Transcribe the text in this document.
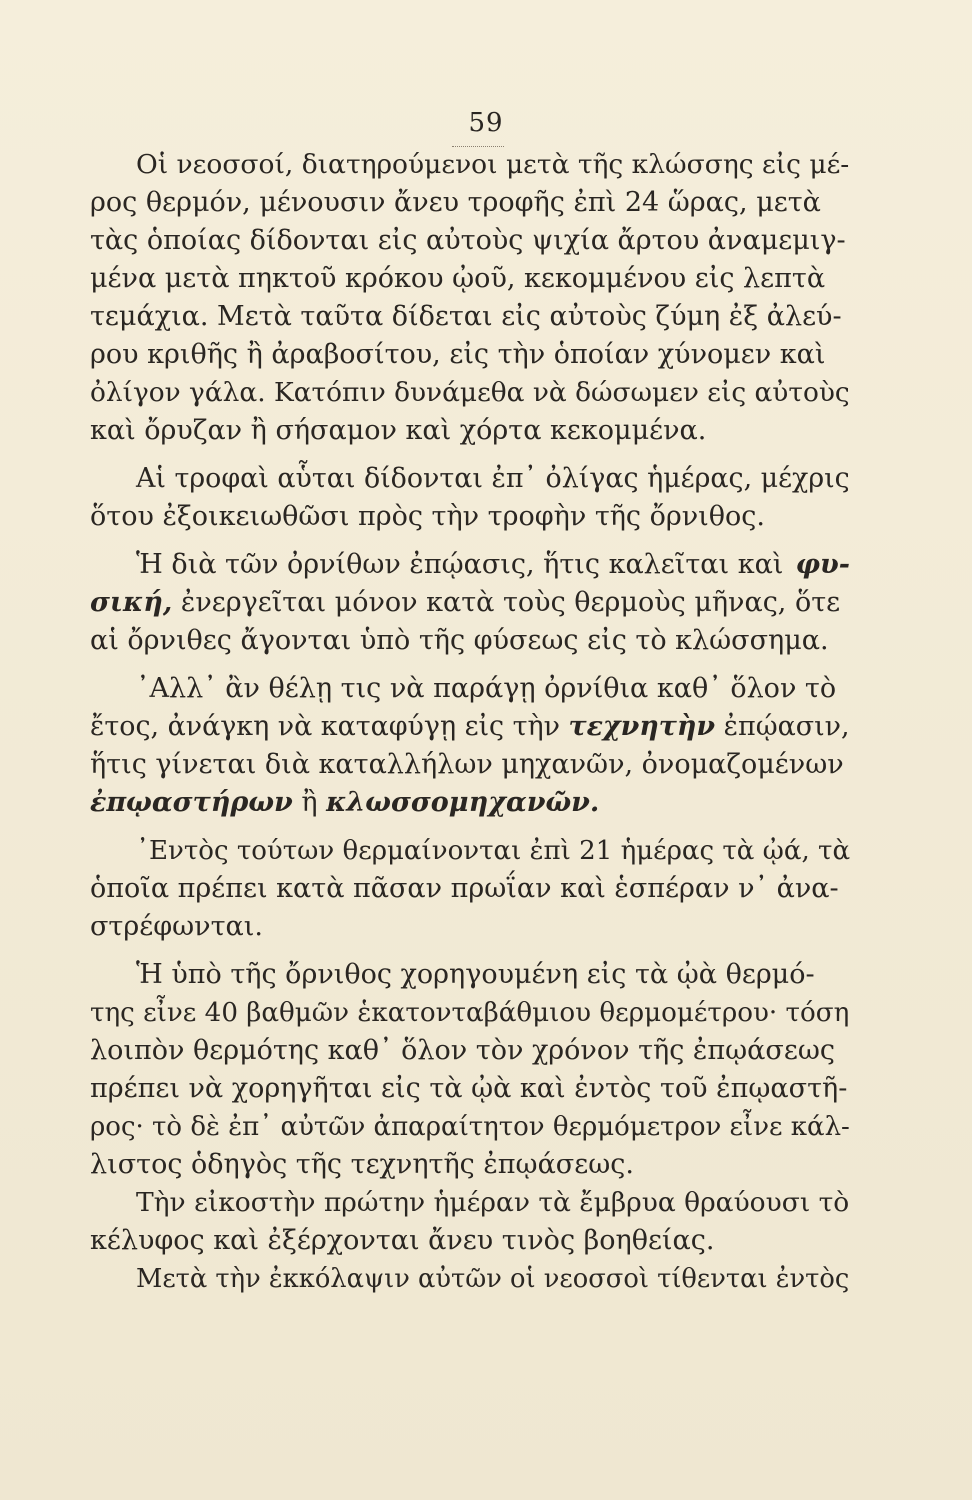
59
Οἱ νεοσσοί, διατηρούμενοι μετὰ τῆς κλώσσης εἰς μέ-
ρος θερμόν, μένουσιν ἄνευ τροφῆς ἐπὶ 24 ὥρας, μετὰ
τὰς ὁποίας δίδονται εἰς αὐτοὺς ψιχία ἄρτου ἀναμεμιγ-
μένα μετὰ πηκτοῦ κρόκου ᾠοῦ, κεκομμένου εἰς λεπτὰ
τεμάχια. Μετὰ ταῦτα δίδεται εἰς αὐτοὺς ζύμη ἐξ ἀλεύ-
ρου κριθῆς ἢ ἀραβοσίτου, εἰς τὴν ὁποίαν χύνομεν καὶ
ὀλίγον γάλα. Κατόπιν δυνάμεθα νὰ δώσωμεν εἰς αὐτοὺς
καὶ ὄρυζαν ἢ σήσαμον καὶ χόρτα κεκομμένα.
Αἱ τροφαὶ αὗται δίδονται ἐπ᾽ ὀλίγας ἡμέρας, μέχρις
ὅτου ἐξοικειωθῶσι πρὸς τὴν τροφὴν τῆς ὄρνιθος.
Ἡ διὰ τῶν ὀρνίθων ἐπῴασις, ἥτις καλεῖται καὶ φυ-
σική, ἐνεργεῖται μόνον κατὰ τοὺς θερμοὺς μῆνας, ὅτε
αἱ ὄρνιθες ἄγονται ὑπὸ τῆς φύσεως εἰς τὸ κλώσσημα.
᾽Αλλ᾽ ἂν θέλῃ τις νὰ παράγῃ ὀρνίθια καθ᾽ ὅλον τὸ
ἔτος, ἀνάγκη νὰ καταφύγῃ εἰς τὴν τεχνητὴν ἐπῴασιν,
ἥτις γίνεται διὰ καταλλήλων μηχανῶν, ὀνομαζομένων
ἐπῳαστήρων ἢ κλωσσομηχανῶν.
᾽Εντὸς τούτων θερμαίνονται ἐπὶ 21 ἡμέρας τὰ ᾠά, τὰ
ὁποῖα πρέπει κατὰ πᾶσαν πρωΐαν καὶ ἑσπέραν ν᾽ ἀνα-
στρέφωνται.
Ἡ ὑπὸ τῆς ὄρνιθος χορηγουμένη εἰς τὰ ᾠὰ θερμό-
της εἶνε 40 βαθμῶν ἑκατονταβάθμιου θερμομέτρου· τόση
λοιπὸν θερμότης καθ᾽ ὅλον τὸν χρόνον τῆς ἐπῳάσεως
πρέπει νὰ χορηγῆται εἰς τὰ ᾠὰ καὶ ἐντὸς τοῦ ἐπῳαστῆ-
ρος· τὸ δὲ ἐπ᾽ αὐτῶν ἀπαραίτητον θερμόμετρον εἶνε κάλ-
λιστος ὁδηγὸς τῆς τεχνητῆς ἐπῳάσεως.
Τὴν εἰκοστὴν πρώτην ἡμέραν τὰ ἔμβρυα θραύουσι τὸ
κέλυφος καὶ ἐξέρχονται ἄνευ τινὸς βοηθείας.
Μετὰ τὴν ἐκκόλαψιν αὐτῶν οἱ νεοσσοὶ τίθενται ἐντὸς
